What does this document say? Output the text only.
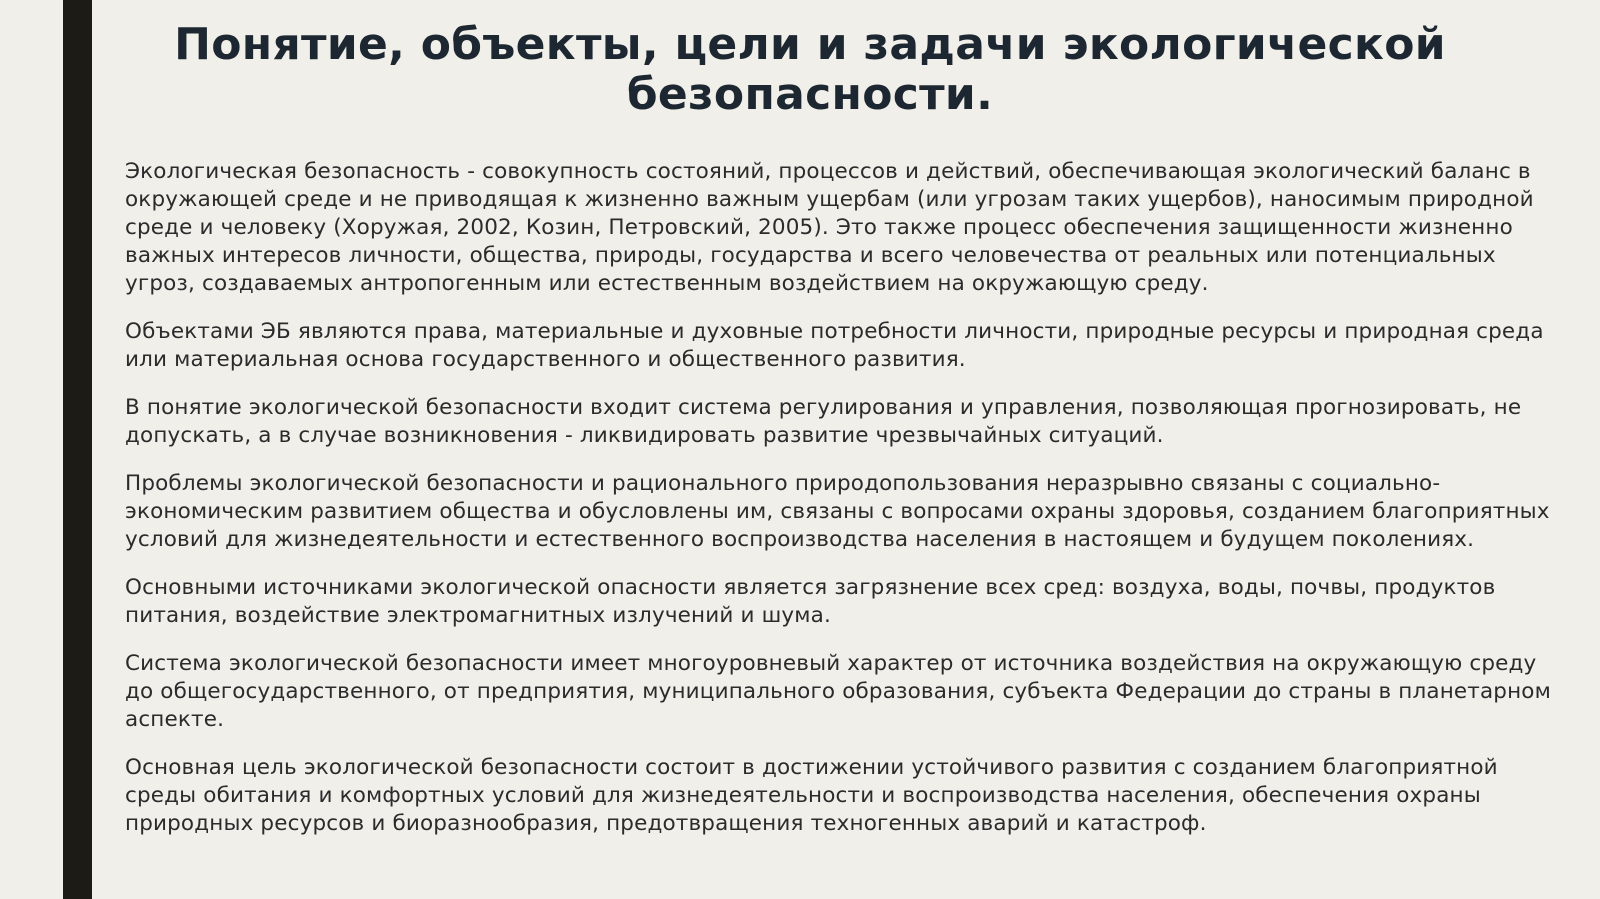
Понятие, объекты, цели и задачи экологической безопасности.

Экологическая безопасность - совокупность состояний, процессов и действий, обеспечивающая экологический баланс в окружающей среде и не приводящая к жизненно важным ущербам (или угрозам таких ущербов), наносимым природной среде и человеку (Хоружая, 2002, Козин, Петровский, 2005). Это также процесс обеспечения защищенности жизненно важных интересов личности, общества, природы, государства и всего человечества от реальных или потенциальных угроз, создаваемых антропогенным или естественным воздействием на окружающую среду.

Объектами ЭБ являются права, материальные и духовные потребности личности, природные ресурсы и природная среда или материальная основа государственного и общественного развития.

В понятие экологической безопасности входит система регулирования и управления, позволяющая прогнозировать, не допускать, а в случае возникновения - ликвидировать развитие чрезвычайных ситуаций.

Проблемы экологической безопасности и рационального природопользования неразрывно связаны с социально-экономическим развитием общества и обусловлены им, связаны с вопросами охраны здоровья, созданием благоприятных условий для жизнедеятельности и естественного воспроизводства населения в настоящем и будущем поколениях.

Основными источниками экологической опасности является загрязнение всех сред: воздуха, воды, почвы, продуктов питания, воздействие электромагнитных излучений и шума.

Система экологической безопасности имеет многоуровневый характер от источника воздействия на окружающую среду до общегосударственного, от предприятия, муниципального образования, субъекта Федерации до страны в планетарном аспекте.

Основная цель экологической безопасности состоит в достижении устойчивого развития с созданием благоприятной среды обитания и комфортных условий для жизнедеятельности и воспроизводства населения, обеспечения охраны природных ресурсов и биоразнообразия, предотвращения техногенных аварий и катастроф.
